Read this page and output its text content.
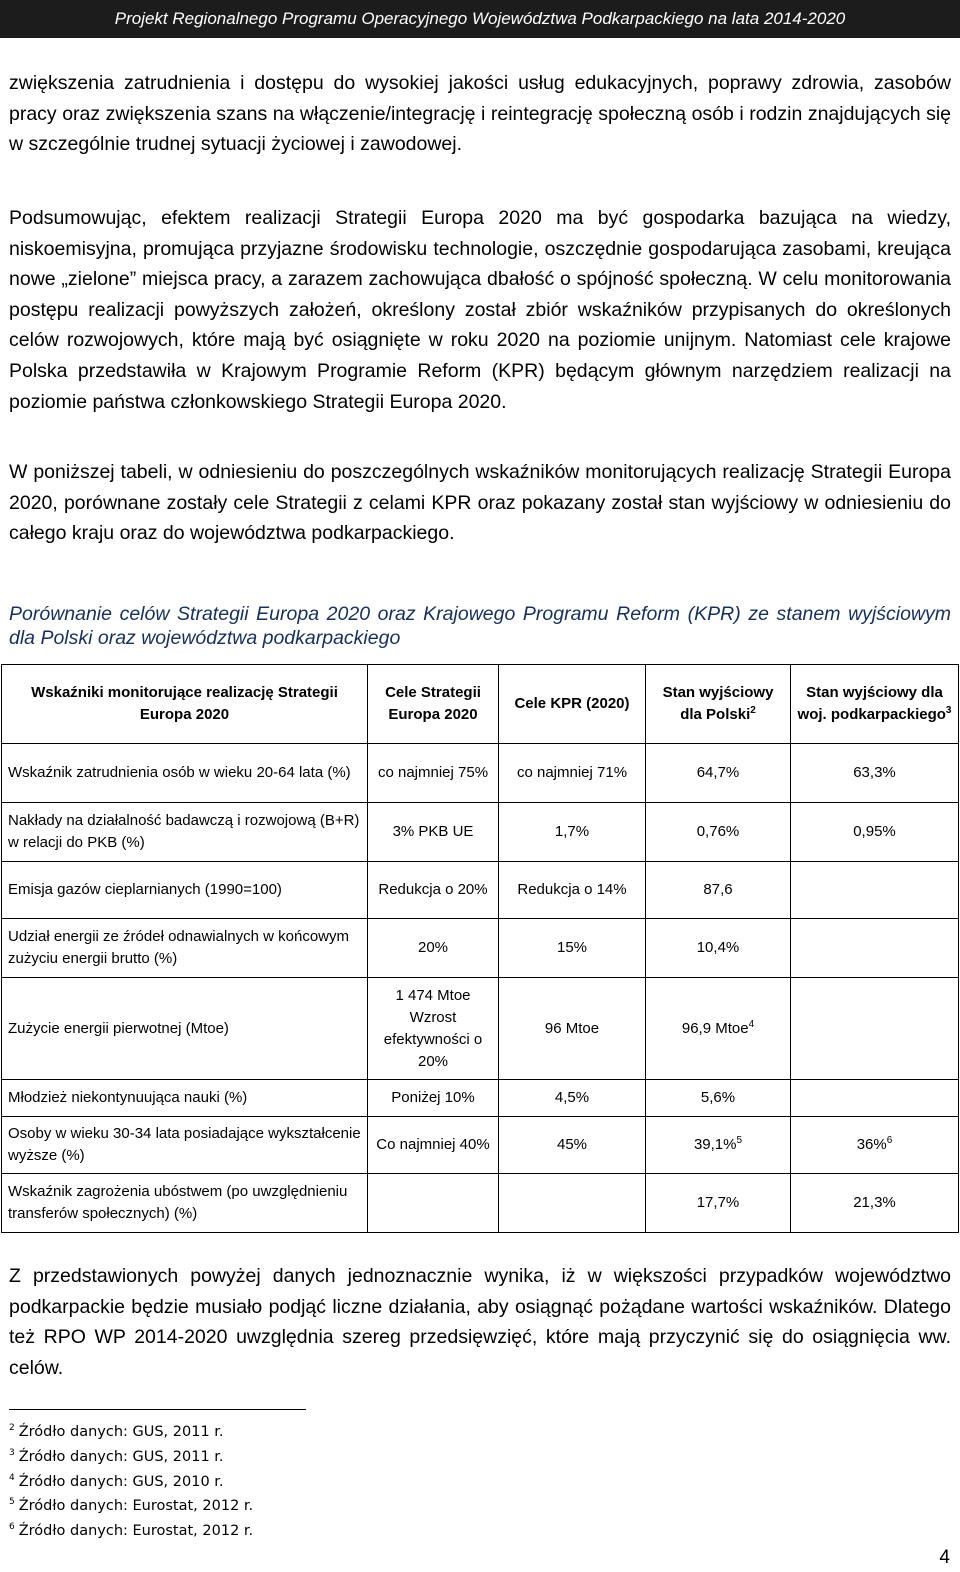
Projekt Regionalnego Programu Operacyjnego Województwa Podkarpackiego na lata 2014-2020
zwiększenia zatrudnienia i dostępu do wysokiej jakości usług edukacyjnych, poprawy zdrowia, zasobów pracy oraz zwiększenia szans na włączenie/integrację i reintegrację społeczną osób i rodzin znajdujących się w szczególnie trudnej sytuacji życiowej i zawodowej.
Podsumowując, efektem realizacji Strategii Europa 2020 ma być gospodarka bazująca na wiedzy, niskoemisyjna, promująca przyjazne środowisku technologie, oszczędnie gospodarująca zasobami, kreująca nowe „zielone” miejsca pracy, a zarazem zachowująca dbałość o spójność społeczną. W celu monitorowania postępu realizacji powyższych założeń, określony został zbiór wskaźników przypisanych do określonych celów rozwojowych, które mają być osiągnięte w roku 2020 na poziomie unijnym. Natomiast cele krajowe Polska przedstawiła w Krajowym Programie Reform (KPR) będącym głównym narzędziem realizacji na poziomie państwa członkowskiego Strategii Europa 2020.
W poniższej tabeli, w odniesieniu do poszczególnych wskaźników monitorujących realizację Strategii Europa 2020, porównane zostały cele Strategii z celami KPR oraz pokazany został stan wyjściowy w odniesieniu do całego kraju oraz do województwa podkarpackiego.
Porównanie celów Strategii Europa 2020 oraz Krajowego Programu Reform (KPR) ze stanem wyjściowym dla Polski oraz województwa podkarpackiego
Wskaźniki monitorujące realizację Strategii Europa 2020	Cele Strategii Europa 2020	Cele KPR (2020)	Stan wyjściowy dla Polski$^2$	Stan wyjściowy dla woj. podkarpackiego$^3$
Wskaźnik zatrudnienia osób w wieku 20-64 lata (%)	co najmniej 75%	co najmniej 71%	64,7%	63,3%
Nakłady na działalność badawczą i rozwojową (B+R) w relacji do PKB (%)	3% PKB UE	1,7%	0,76%	0,95%
Emisja gazów cieplarnianych (1990=100)	Redukcja o 20%	Redukcja o 14%	87,6	
Udział energii ze źródeł odnawialnych w końcowym zużyciu energii brutto (%)	20%	15%	10,4%	
Zużycie energii pierwotnej (Mtoe)	1 474 Mtoe Wzrost efektywności o 20%	96 Mtoe	96,9 Mtoe$^4$	
Młodzież niekontynuująca nauki (%)	Poniżej 10%	4,5%	5,6%	
Osoby w wieku 30-34 lata posiadające wykształcenie wyższe (%)	Co najmniej 40%	45%	39,1%$^5$	36%$^6$
Wskaźnik zagrożenia ubóstwem (po uwzględnieniu transferów społecznych) (%)			17,7%	21,3%
Z przedstawionych powyżej danych jednoznacznie wynika, iż w większości przypadków województwo podkarpackie będzie musiało podjąć liczne działania, aby osiągnąć pożądane wartości wskaźników. Dlatego też RPO WP 2014-2020 uwzględnia szereg przedsięwzięć, które mają przyczynić się do osiągnięcia ww. celów.
$^2$ Źródło danych: GUS, 2011 r.
$^3$ Źródło danych: GUS, 2011 r.
$^4$ Źródło danych: GUS, 2010 r.
$^5$ Źródło danych: Eurostat, 2012 r.
$^6$ Źródło danych: Eurostat, 2012 r.
4
